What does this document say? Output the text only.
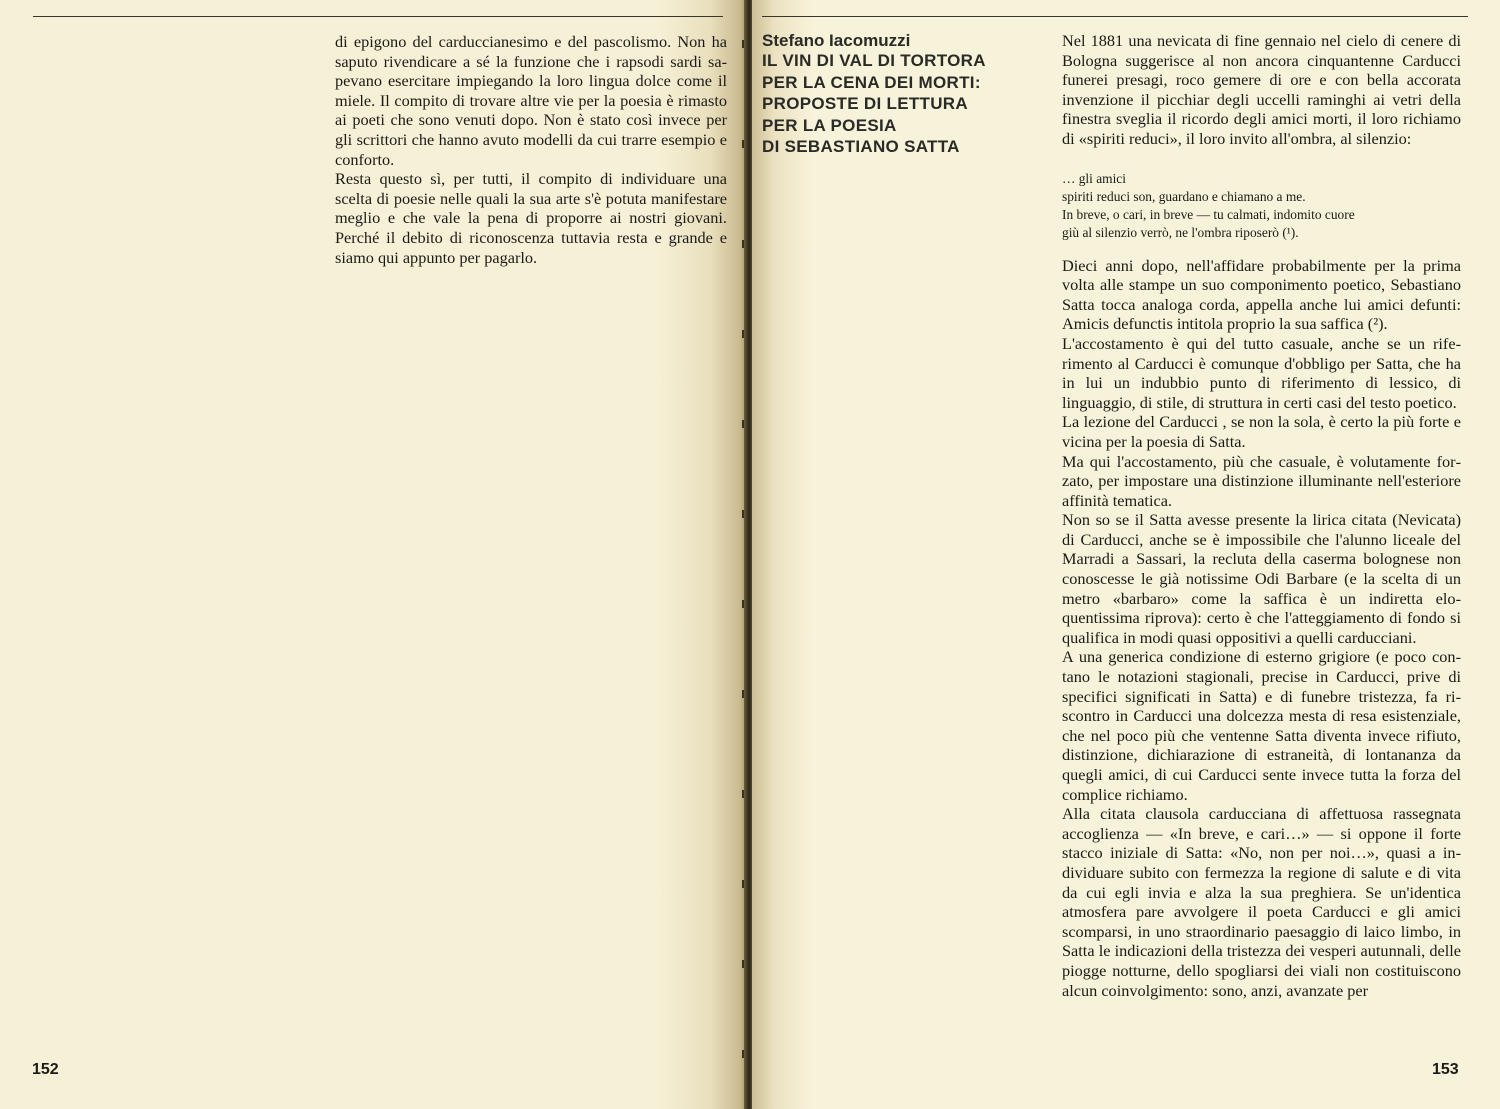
di epigono del carduccianesimo e del pascolismo. Non ha saputo rivendicare a sé la funzione che i rapsodi sardi sapevano esercitare impiegando la loro lingua dolce come il miele. Il compito di trovare altre vie per la poesia è rimasto ai poeti che sono venuti dopo. Non è stato così invece per gli scrittori che hanno avuto modelli da cui trarre esempio e conforto.

Resta questo sì, per tutti, il compito di individuare una scelta di poesie nelle quali la sua arte s'è potuta manifestare meglio e che vale la pena di proporre ai nostri giovani. Perché il debito di riconoscenza tuttavia resta e grande e siamo qui appunto per pagarlo.

152
Stefano Iacomuzzi
IL VIN DI VAL DI TORTORA
PER LA CENA DEI MORTI:
PROPOSTE DI LETTURA
PER LA POESIA
DI SEBASTIANO SATTA

Nel 1881 una nevicata di fine gennaio nel cielo di cenere di Bologna suggerisce al non ancora cinquantenne Carducci funerei presagi, roco gemere di ore e con bella accorata invenzione il picchiar degli uccelli raminghi ai vetri della finestra sveglia il ricordo degli amici morti, il loro richiamo di «spiriti reduci», il loro invito all'ombra, al silenzio:

… gli amici
spiriti reduci son, guardano e chiamano a me.
In breve, o cari, in breve — tu calmati, indomito cuore
giù al silenzio verrò, ne l'ombra riposerò (¹).

Dieci anni dopo, nell'affidare probabilmente per la prima volta alle stampe un suo componimento poetico, Sebastiano Satta tocca analoga corda, appella anche lui amici defunti: Amicis defunctis intitola proprio la sua saffica (²).

L'accostamento è qui del tutto casuale, anche se un riferimento al Carducci è comunque d'obbligo per Satta, che ha in lui un indubbio punto di riferimento di lessico, di linguaggio, di stile, di struttura in certi casi del testo poetico.

La lezione del Carducci , se non la sola, è certo la più forte e vicina per la poesia di Satta.

Ma qui l'accostamento, più che casuale, è volutamente forzato, per impostare una distinzione illuminante nell'esteriore affinità tematica.

Non so se il Satta avesse presente la lirica citata (Nevicata) di Carducci, anche se è impossibile che l'alunno liceale del Marradi a Sassari, la recluta della caserma bolognese non conoscesse le già notissime Odi Barbare (e la scelta di un metro «barbaro» come la saffica è un indiretta eloquentissima riprova): certo è che l'atteggiamento di fondo si qualifica in modi quasi oppositivi a quelli carducciani.

A una generica condizione di esterno grigiore (e poco contano le notazioni stagionali, precise in Carducci, prive di specifici significati in Satta) e di funebre tristezza, fa riscontro in Carducci una dolcezza mesta di resa esistenziale, che nel poco più che ventenne Satta diventa invece rifiuto, distinzione, dichiarazione di estraneità, di lontananza da quegli amici, di cui Carducci sente invece tutta la forza del complice richiamo.

Alla citata clausola carducciana di affettuosa rassegnata accoglienza — «In breve, e cari…» — si oppone il forte stacco iniziale di Satta: «No, non per noi…», quasi a individuare subito con fermezza la regione di salute e di vita da cui egli invia e alza la sua preghiera. Se un'identica atmosfera pare avvolgere il poeta Carducci e gli amici scomparsi, in uno straordinario paesaggio di laico limbo, in Satta le indicazioni della tristezza dei vesperi autunnali, delle piogge notturne, dello spogliarsi dei viali non costituiscono alcun coinvolgimento: sono, anzi, avanzate per

153
